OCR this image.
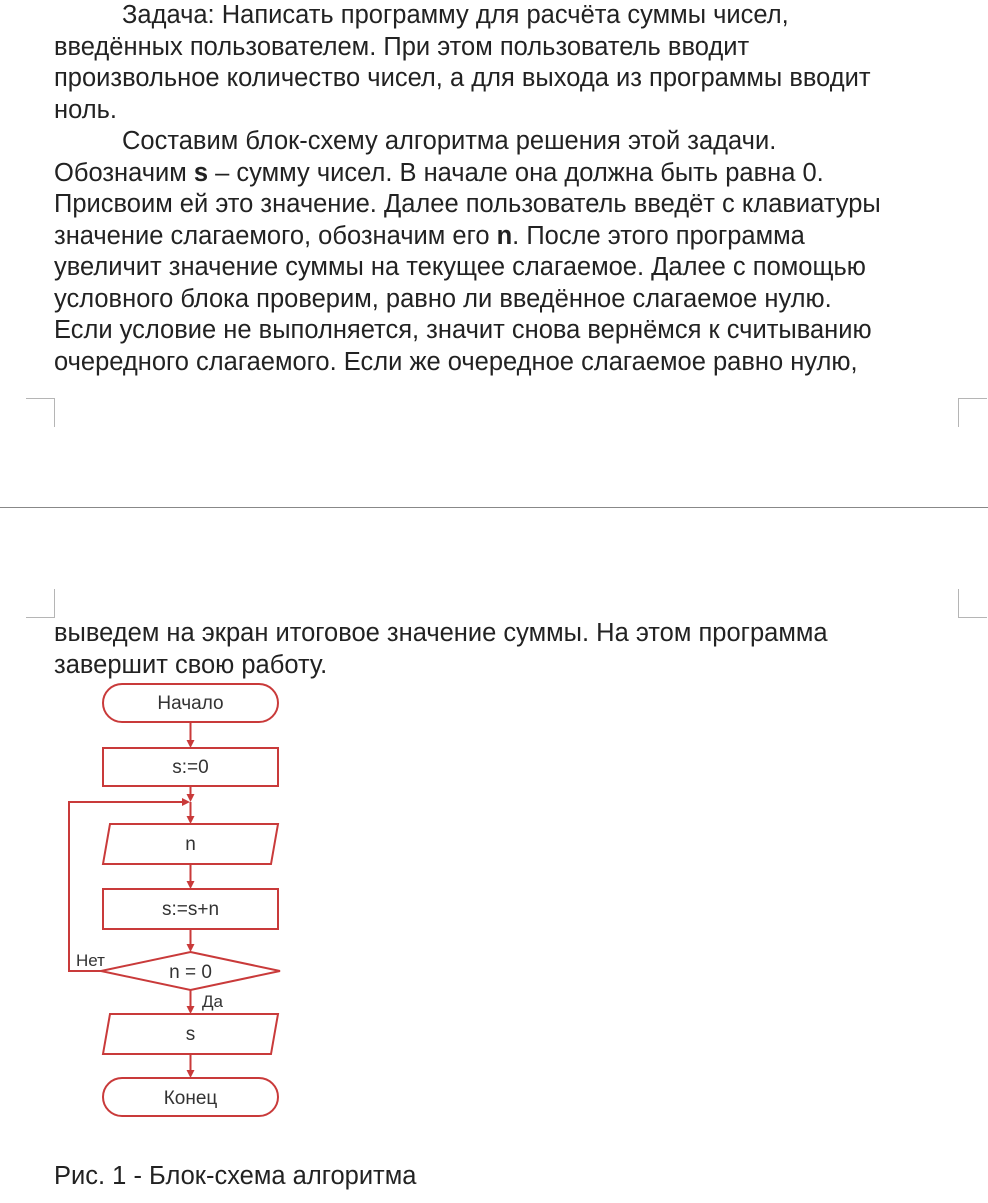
Задача: Написать программу для расчёта суммы чисел,
введённых пользователем. При этом пользователь вводит
произвольное количество чисел, а для выхода из программы вводит
ноль.
Составим блок-схему алгоритма решения этой задачи.
Обозначим s – сумму чисел. В начале она должна быть равна 0.
Присвоим ей это значение. Далее пользователь введёт с клавиатуры
значение слагаемого, обозначим его n. После этого программа
увеличит значение суммы на текущее слагаемое. Далее с помощью
условного блока проверим, равно ли введённое слагаемое нулю.
Если условие не выполняется, значит снова вернёмся к считыванию
очередного слагаемого. Если же очередное слагаемое равно нулю,
выведем на экран итоговое значение суммы. На этом программа
завершит свою работу.
Начало
s:=0
n
s:=s+n
n = 0
Нет
Да
s
Конец
Рис. 1 - Блок-схема алгоритма
